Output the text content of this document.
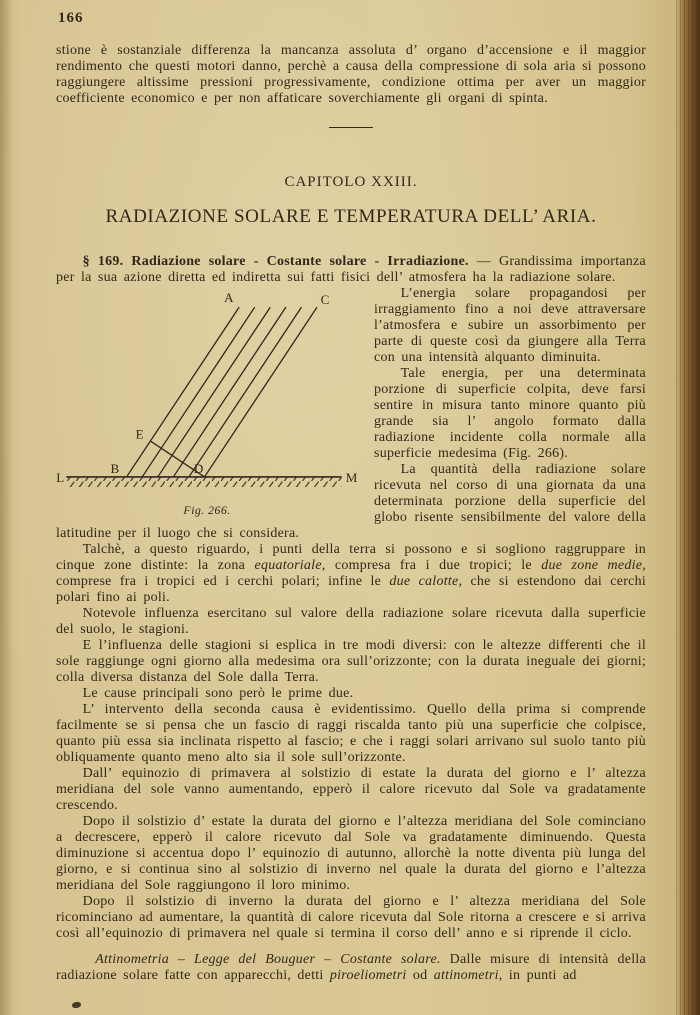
166

stione è sostanziale differenza la mancanza assoluta d’ organo d’accensione e il maggior rendimento che questi motori danno, perchè a causa della compressione di sola aria si possono raggiungere altissime pressioni progressivamente, condizione ottima per aver un maggior coefficiente economico e per non affaticare soverchiamente gli organi di spinta.

CAPITOLO XXIII.
RADIAZIONE SOLARE E TEMPERATURA DELL’ ARIA.

§ 169. Radiazione solare - Costante solare - Irradiazione. — Grandissima importanza per la sua azione diretta ed indiretta sui fatti fisici dell’ atmosfera ha la radiazione solare.

A	C
E
B	D
L	M
Fig. 266.

L’energia solare propagandosi per irraggiamento fino a noi deve attraversare l’atmosfera e subire un assorbimento per parte di queste così da giungere alla Terra con una intensità alquanto diminuita.

Tale energia, per una determinata porzione di superficie colpita, deve farsi sentire in misura tanto minore quanto più grande sia l’ angolo formato dalla radiazione incidente colla normale alla superficie medesima (Fig. 266).

La quantità della radiazione solare ricevuta nel corso di una giornata da una determinata porzione della superficie del globo risente sensibilmente del valore della latitudine per il luogo che si considera.

Talchè, a questo riguardo, i punti della terra si possono e si sogliono raggruppare in cinque zone distinte: la zona equatoriale, compresa fra i due tropici; le due zone medie, comprese fra i tropici ed i cerchi polari; infine le due calotte, che si estendono dai cerchi polari fino ai poli.

Notevole influenza esercitano sul valore della radiazione solare ricevuta dalla superficie del suolo, le stagioni.

E l’influenza delle stagioni si esplica in tre modi diversi: con le altezze differenti che il sole raggiunge ogni giorno alla medesima ora sull’orizzonte; con la durata ineguale dei giorni; colla diversa distanza del Sole dalla Terra.

Le cause principali sono però le prime due.

L’ intervento della seconda causa è evidentissimo. Quello della prima si comprende facilmente se si pensa che un fascio di raggi riscalda tanto più una superficie che colpisce, quanto più essa sia inclinata rispetto al fascio; e che i raggi solari arrivano sul suolo tanto più obliquamente quanto meno alto sia il sole sull’orizzonte.

Dall’ equinozio di primavera al solstizio di estate la durata del giorno e l’ altezza meridiana del sole vanno aumentando, epperò il calore ricevuto dal Sole va gradatamente crescendo.

Dopo il solstizio d’ estate la durata del giorno e l’altezza meridiana del Sole cominciano a decrescere, epperò il calore ricevuto dal Sole va gradatamente diminuendo. Questa diminuzione si accentua dopo l’ equinozio di autunno, allorchè la notte diventa più lunga del giorno, e si continua sino al solstizio di inverno nel quale la durata del giorno e l’altezza meridiana del Sole raggiungono il loro minimo.

Dopo il solstizio di inverno la durata del giorno e l’ altezza meridiana del Sole ricominciano ad aumentare, la quantità di calore ricevuta dal Sole ritorna a crescere e si arriva così all’equinozio di primavera nel quale si termina il corso dell’ anno e si riprende il ciclo.

Attinometria – Legge del Bouguer – Costante solare. Dalle misure di intensità della radiazione solare fatte con apparecchi, detti piroeliometri od attinometri, in punti ad
